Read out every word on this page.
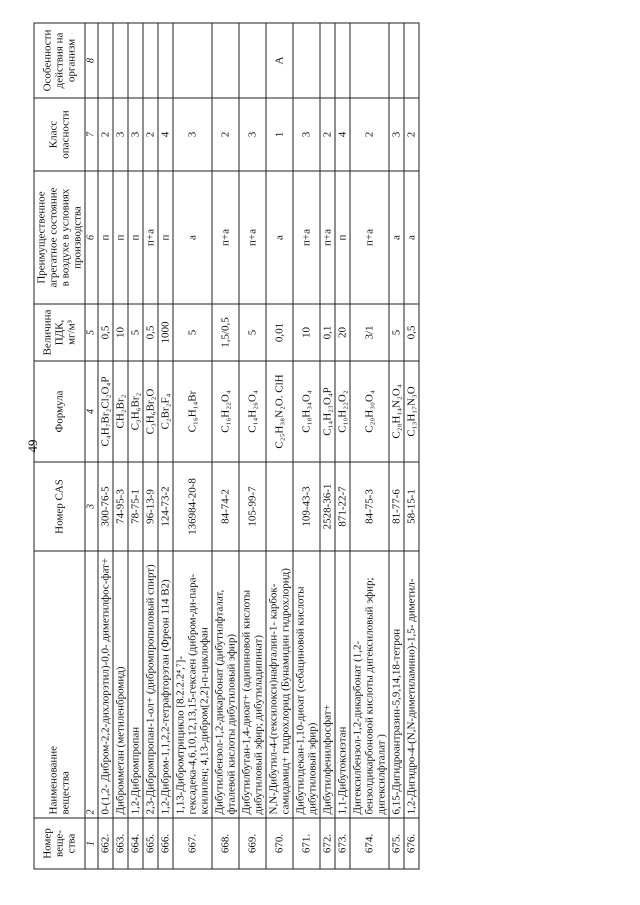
49
Номер веще- ства	Наименование вещества	Номер CAS	Формула	Величина ПДК, мг/м³	Преимущественное агрегатное состояние в воздухе в условиях производства	Класс опасности	Особенности действия на организм

1	2	3	4	5	6	7	8
662.	0-(1,2- Дибром-2,2-дихлорэтил)-0,0- диметилфос-фат+	300-76-5	C₄H₇Br₂Cl₂O₄P	0,5	п	2	
663.	Дибромметан (метиленбромид)	74-95-3	CH₂Br₂	10	п	3	
664.	1,2-Дибромпропан	78-75-1	C₃H₆Br₂	5	п	3	
665.	2,3-Дибромпропан-1-ол+ (дибромпропиловый спирт)	96-13-9	C₃H₆Br₂O	0,5	п+а	2	
666.	1,2-Дибром-1,1,2,2-тетрафторэтан (Фреон 114 В2)	124-73-2	C₂Br₂F₄	1000	п	4	
667.	1,13-Дибромтрицикло [8.2.2.2⁴,⁷]-гексадека-4,6,10,12,13,15-гексаен (дибром-ди-пара-ксилилен; 4,13-дибром[2,2]-п-циклофан	136984-20-8	C₁₆H₁₄Br	5	а	3	
668.	Дибутилбензол-1,2-дикарбонат (дибутилфталат, фталевой кислоты дибутиловый эфир)	84-74-2	C₁₆H₂₂O₄	1,5/0,5	п+а	2	
669.	Дибутилбутан-1,4-диоат+ (адипиновой кислоты дибутиловый эфир; дибутиладипинат)	105-99-7	C₁₄H₂₆O₄	5	п+а	3	
670.	N,N-Дибутил-4-(гексилокси)нафталин-1- карбок-самидамид+ гидрохлорид (Бунамидин гидрохлорид)		C₂₅H₃₈N₂O. ClH	0,01	а	1	А
671.	Дибутилдекан-1,10-диоат (себациновой кислоты дибутиловый эфир)	109-43-3	C₁₈H₃₄O₄	10	п+а	3	
672.	Дибутилфенилфосфат+	2528-36-1	C₁₄H₂₃O₄P	0,1	п+а	2	
673.	1,1-Дибутоксиэтан	871-22-7	C₁₀H₂₂O₂	20	п	4	
674.	Дигексилбензол-1,2-дикарбонат (1,2-бензолдикарбоновой кислоты дигексиловый эфир; дигексилфталат )	84-75-3	C₂₀H₃₀O₄	3/1	п+а	2	
675.	6,15-Дигидроантразин-5,9,14,18-тетрон	81-77-6	C₂₈H₁₄N₂O₄	5	а	3	
676.	1,2-Дигидро-4-(N,N-диметиламино)-1,5- диметил-	58-15-1	C₁₃H₁₇N₃O	0,5	а	2	
